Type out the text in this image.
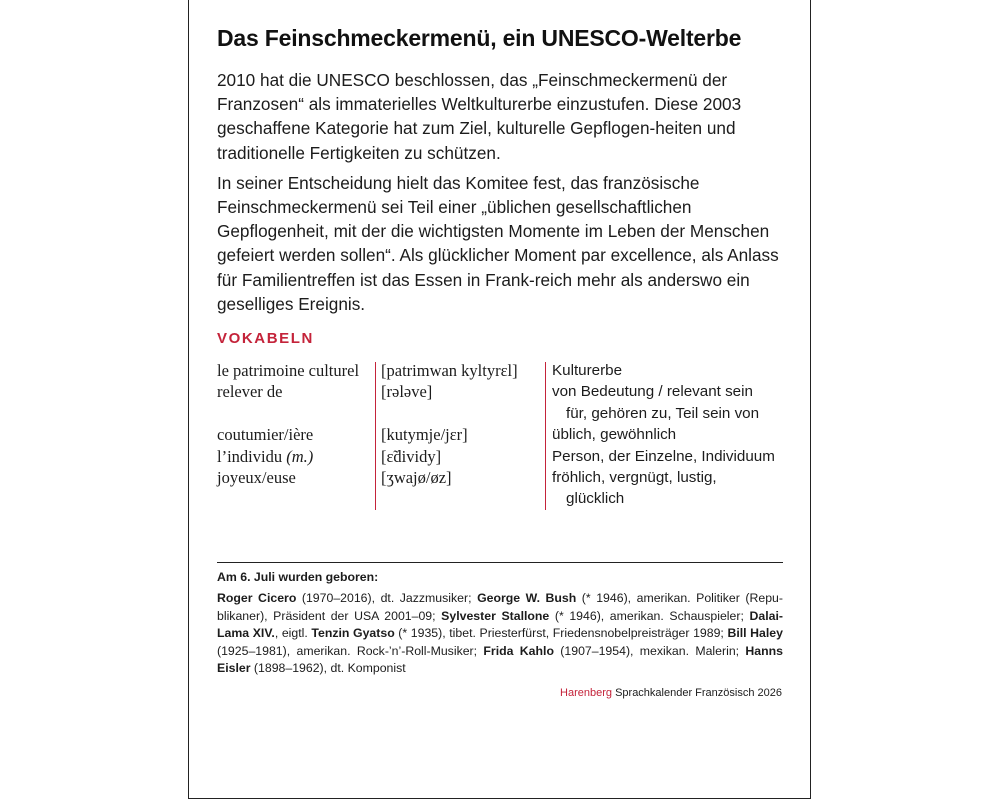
Das Feinschmeckermenü, ein UNESCO-Welterbe

2010 hat die UNESCO beschlossen, das „Feinschmeckermenü der Franzosen“ als immaterielles Weltkulturerbe einzustufen. Diese 2003 geschaffene Kategorie hat zum Ziel, kulturelle Gepflogen-heiten und traditionelle Fertigkeiten zu schützen.

In seiner Entscheidung hielt das Komitee fest, das französische Feinschmeckermenü sei Teil einer „üblichen gesellschaftlichen Gepflogenheit, mit der die wichtigsten Momente im Leben der Menschen gefeiert werden sollen“. Als glücklicher Moment par excellence, als Anlass für Familientreffen ist das Essen in Frank-reich mehr als anderswo ein geselliges Ereignis.

VOKABELN
le patrimoine culturel
relever de
coutumier/ière
l’individu (m.)
joyeux/euse
[patrimwan kyltyrɛl]
[rələve]
[kutymje/jɛr]
[ɛ̃dividy]
[ʒwajø/øz]
Kulturerbe
von Bedeutung / relevant sein
für, gehören zu, Teil sein von
üblich, gewöhnlich
Person, der Einzelne, Individuum
fröhlich, vergnügt, lustig,
glücklich
Am 6. Juli wurden geboren:
Roger Cicero (1970–2016), dt. Jazzmusiker; George W. Bush (* 1946), amerikan. Politiker (Repu-blikaner), Präsident der USA 2001–09; Sylvester Stallone (* 1946), amerikan. Schauspieler; Dalai-Lama XIV., eigtl. Tenzin Gyatso (* 1935), tibet. Priesterfürst, Friedensnobelpreisträger 1989; Bill Haley (1925–1981), amerikan. Rock-’n’-Roll-Musiker; Frida Kahlo (1907–1954), mexikan. Malerin; Hanns Eisler (1898–1962), dt. Komponist
Harenberg Sprachkalender Französisch 2026
